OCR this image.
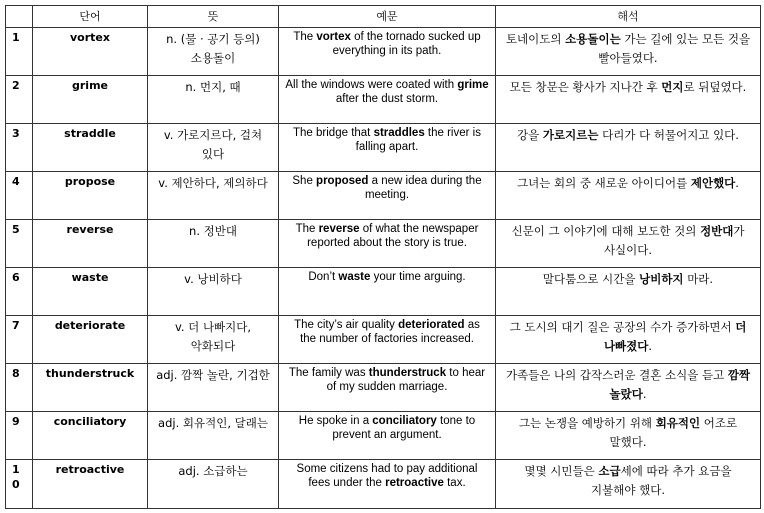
	단어	뜻	예문	해석
1	vortex	n. (물 · 공기 등의) 소용돌이	The vortex of the tornado sucked up everything in its path.	토네이도의 소용돌이는 가는 길에 있는 모든 것을 빨아들였다.
2	grime	n. 먼지, 때	All the windows were coated with grime after the dust storm.	모든 창문은 황사가 지나간 후 먼지로 뒤덮였다.
3	straddle	v. 가로지르다, 걸쳐 있다	The bridge that straddles the river is falling apart.	강을 가로지르는 다리가 다 허물어지고 있다.
4	propose	v. 제안하다, 제의하다	She proposed a new idea during the meeting.	그녀는 회의 중 새로운 아이디어를 제안했다.
5	reverse	n. 정반대	The reverse of what the newspaper reported about the story is true.	신문이 그 이야기에 대해 보도한 것의 정반대가 사실이다.
6	waste	v. 낭비하다	Don’t waste your time arguing.	말다툼으로 시간을 낭비하지 마라.
7	deteriorate	v. 더 나빠지다, 악화되다	The city’s air quality deteriorated as the number of factories increased.	그 도시의 대기 질은 공장의 수가 증가하면서 더 나빠졌다.
8	thunderstruck	adj. 깜짝 놀란, 기겁한	The family was thunderstruck to hear of my sudden marriage.	가족들은 나의 갑작스러운 결혼 소식을 듣고 깜짝 놀랐다.
9	conciliatory	adj. 회유적인, 달래는	He spoke in a conciliatory tone to prevent an argument.	그는 논쟁을 예방하기 위해 회유적인 어조로 말했다.
10	retroactive	adj. 소급하는	Some citizens had to pay additional fees under the retroactive tax.	몇몇 시민들은 소급세에 따라 추가 요금을 지불해야 했다.
